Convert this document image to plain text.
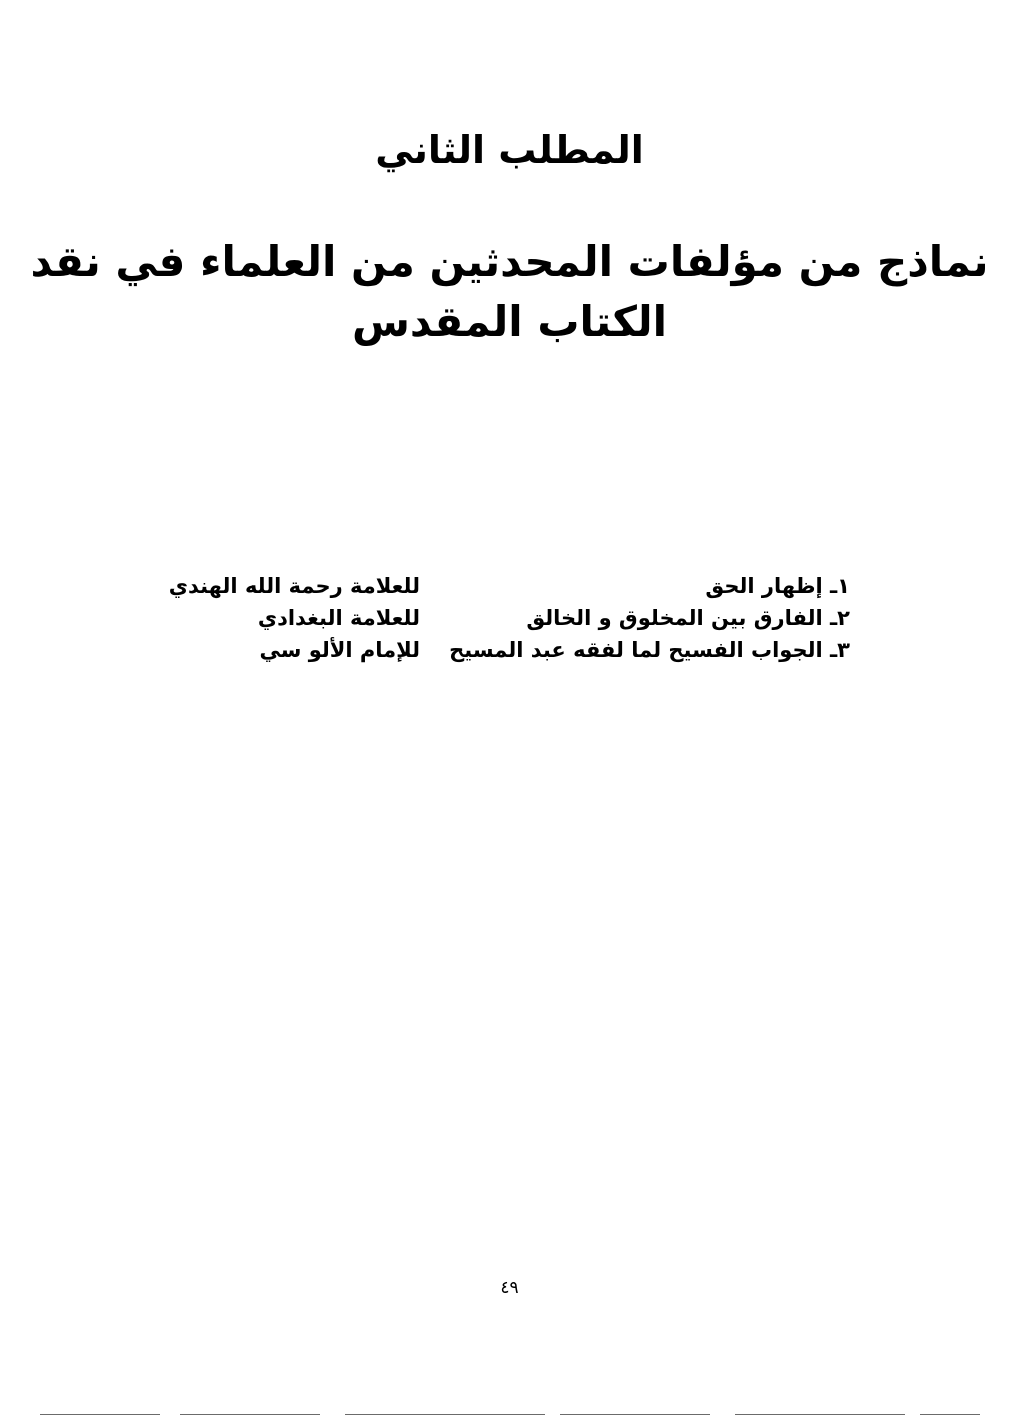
المطلب الثاني
نماذج من مؤلفات المحدثين من العلماء في نقد الكتاب المقدس
١ـ إظهار الحق
للعلامة رحمة الله الهندي
٢ـ الفارق بين المخلوق و الخالق
للعلامة البغدادي
٣ـ الجواب الفسيح لما لفقه عبد المسيح
للإمام الألو سي
٤٩
